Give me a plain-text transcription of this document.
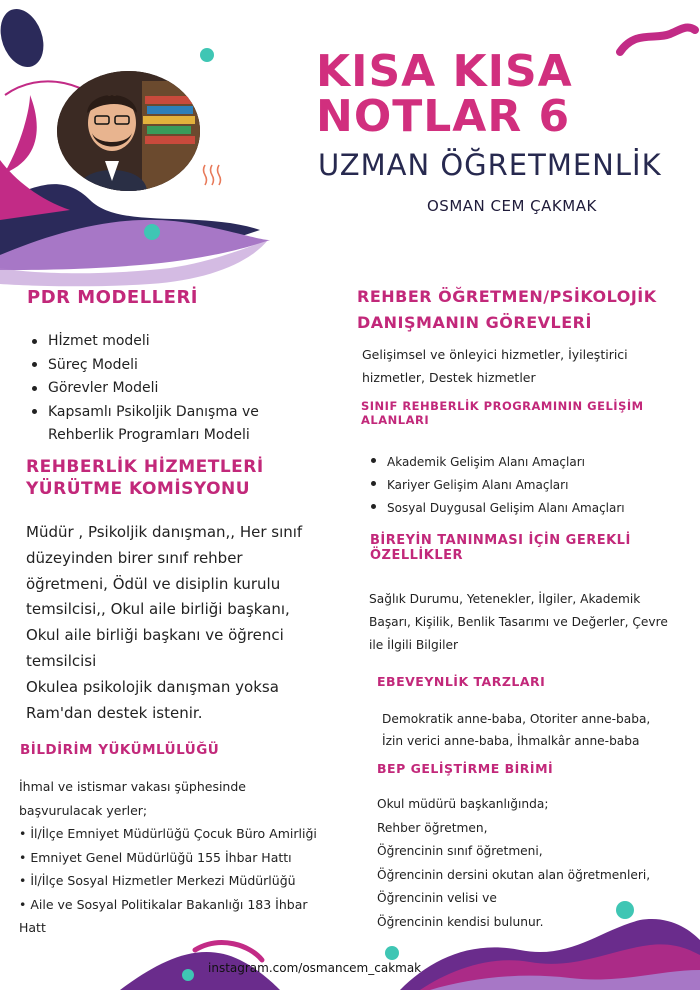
OSMAN CEM ÇAKMAK	KISA KISA
NOTLAR 6
UZMAN ÖĞRETMENLİK
OSMAN CEM ÇAKMAK
PDR MODELLERİ
Hİzmet modeli
Süreç Modeli
Görevler Modeli
Kapsamlı Psikoljik Danışma ve
Rehberlik Programları Modeli
REHBERLİK HİZMETLERİ
YÜRÜTME KOMİSYONU
Müdür , Psikoljik danışman,, Her sınıf
düzeyinden birer sınıf rehber
öğretmeni, Ödül ve disiplin kurulu
temsilcisi,, Okul aile birliği başkanı,
Okul aile birliği başkanı ve öğrenci
temsilcisi
Okulea psikolojik danışman yoksa
Ram'dan destek istenir.
BİLDİRİM YÜKÜMLÜLÜĞÜ
İhmal ve istismar vakası şüphesinde
başvurulacak yerler;
• İl/İlçe Emniyet Müdürlüğü Çocuk Büro Amirliği
• Emniyet Genel Müdürlüğü 155 İhbar Hattı
• İl/İlçe Sosyal Hizmetler Merkezi Müdürlüğü
• Aile ve Sosyal Politikalar Bakanlığı 183 İhbar
Hatt
REHBER ÖĞRETMEN/PSİKOLOJİK
DANIŞMANIN GÖREVLERİ
Gelişimsel ve önleyici hizmetler, İyileştirici
hizmetler, Destek hizmetler
SINIF REHBERLİK PROGRAMININ GELİŞİM
ALANLARI
Akademik Gelişim Alanı Amaçları
Kariyer Gelişim Alanı Amaçları
Sosyal Duygusal Gelişim Alanı Amaçları
BİREYİN TANINMASI İÇİN GEREKLİ
ÖZELLİKLER
Sağlık Durumu, Yetenekler, İlgiler, Akademik
Başarı, Kişilik, Benlik Tasarımı ve Değerler, Çevre
ile İlgili Bilgiler
EBEVEYNLİK TARZLARI
Demokratik anne-baba, Otoriter anne-baba,
İzin verici anne-baba, İhmalkâr anne-baba
BEP GELİŞTİRME BİRİMİ
Okul müdürü başkanlığında;
Rehber öğretmen,
Öğrencinin sınıf öğretmeni,
Öğrencinin dersini okutan alan öğretmenleri,
Öğrencinin velisi ve
Öğrencinin kendisi bulunur.
instagram.com/osmancem_cakmak
